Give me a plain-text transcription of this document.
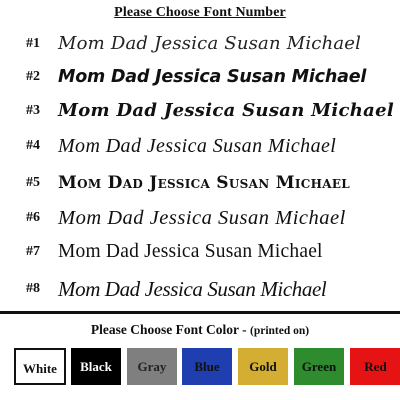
Please Choose Font Number
#1 Mom Dad Jessica Susan Michael
#2 Mom Dad Jessica Susan Michael
#3 Mom Dad Jessica Susan Michael
#4 Mom Dad Jessica Susan Michael
#5 Mom Dad Jessica Susan Michael
#6 Mom Dad Jessica Susan Michael
#7 Mom Dad Jessica Susan Michael
#8 Mom Dad Jessica Susan Michael
Please Choose Font Color - (printed on)
White	Black	Gray	Blue	Gold	Green	Red
